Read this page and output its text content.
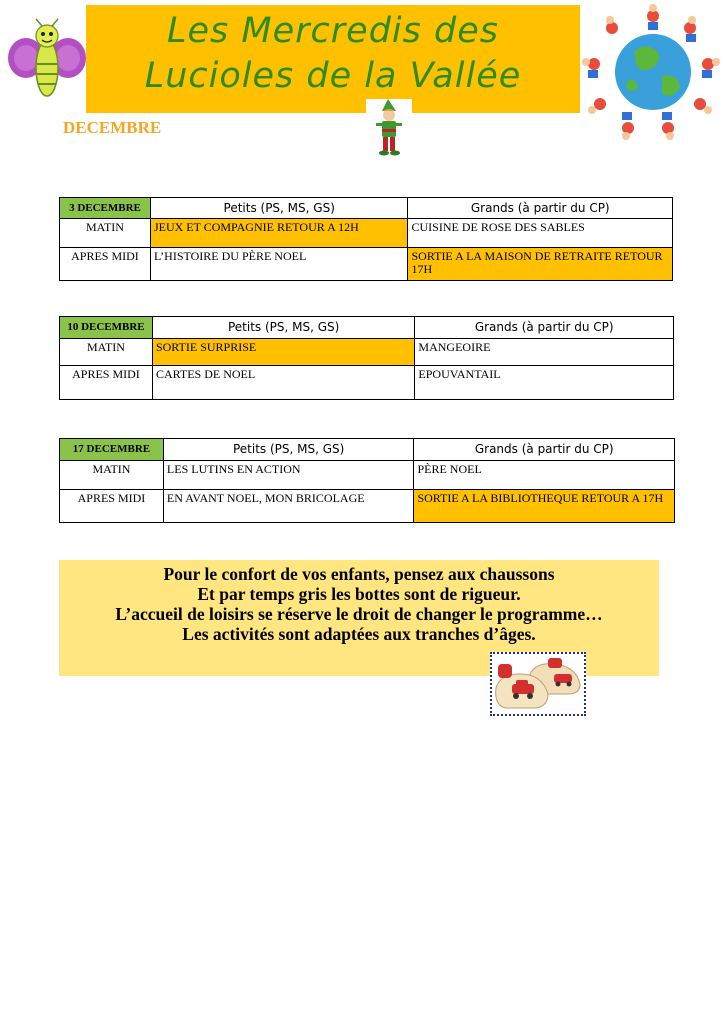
Les Mercredis des
Lucioles de la Vallée
DECEMBRE
3 DECEMBRE	Petits (PS, MS, GS)	Grands (à partir du CP)
MATIN	JEUX ET COMPAGNIE RETOUR A 12H	CUISINE DE ROSE DES SABLES
APRES MIDI	L’HISTOIRE DU PÈRE NOEL	SORTIE A LA MAISON DE RETRAITE RETOUR 17H
10 DECEMBRE	Petits (PS, MS, GS)	Grands (à partir du CP)
MATIN	SORTIE SURPRISE	MANGEOIRE
APRES MIDI	CARTES DE NOEL	EPOUVANTAIL
17 DECEMBRE	Petits (PS, MS, GS)	Grands (à partir du CP)
MATIN	LES LUTINS EN ACTION	PÈRE NOEL
APRES MIDI	EN AVANT NOEL, MON BRICOLAGE	SORTIE A LA BIBLIOTHEQUE RETOUR A 17H
Pour le confort de vos enfants, pensez aux chaussons
Et par temps gris les bottes sont de rigueur.
L’accueil de loisirs se réserve le droit de changer le programme…
Les activités sont adaptées aux tranches d’âges.
